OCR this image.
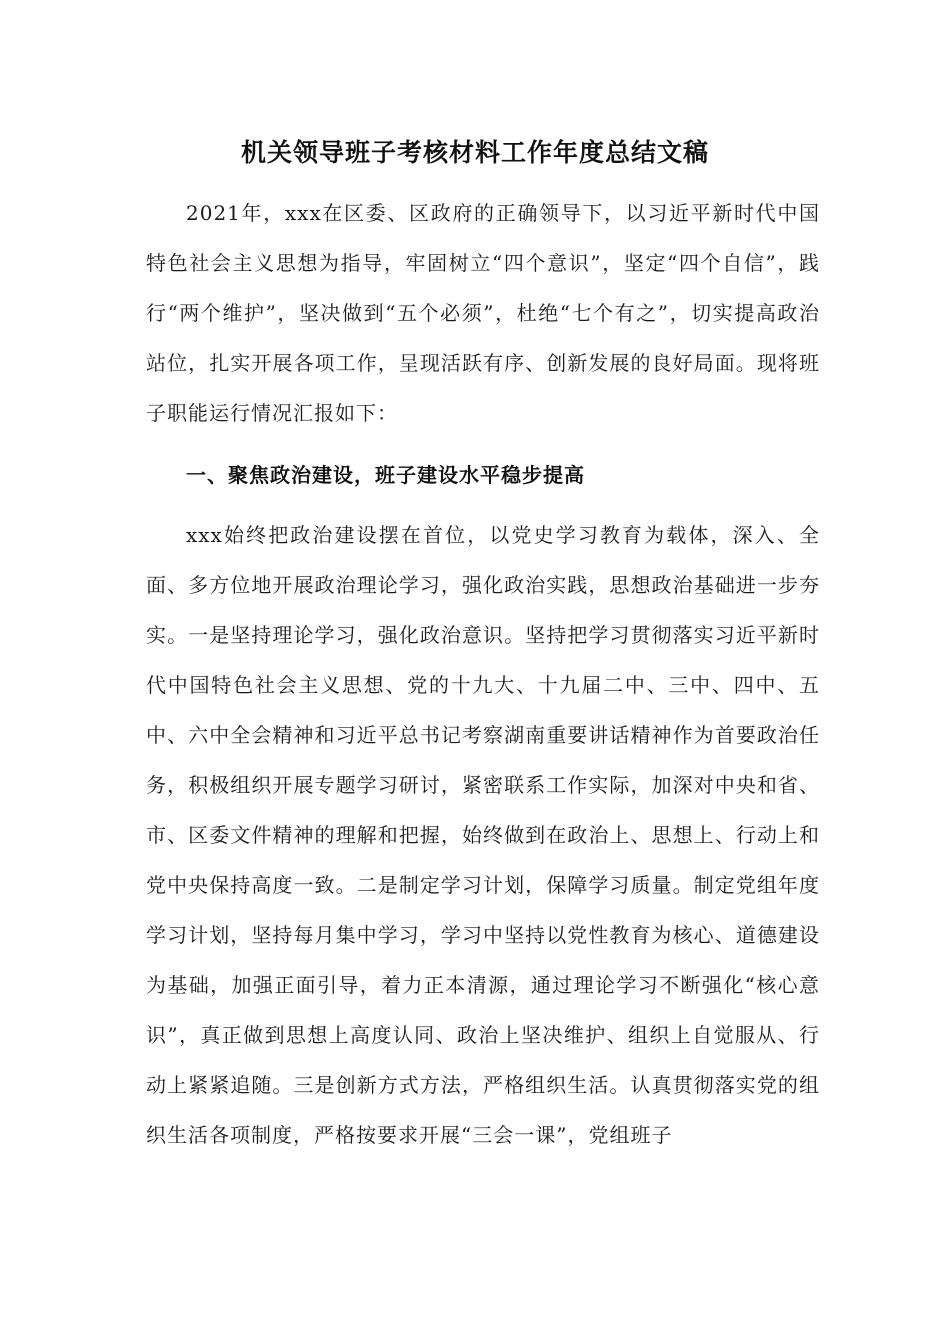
机关领导班子考核材料工作年度总结文稿
2021年，xxx在区委、区政府的正确领导下，以习近平新时代中国特色社会主义思想为指导，牢固树立“四个意识”，坚定“四个自信”，践行“两个维护”，坚决做到“五个必须”，杜绝“七个有之”，切实提高政治站位，扎实开展各项工作，呈现活跃有序、创新发展的良好局面。现将班子职能运行情况汇报如下：
一、聚焦政治建设，班子建设水平稳步提高
xxx始终把政治建设摆在首位，以党史学习教育为载体，深入、全面、多方位地开展政治理论学习，强化政治实践，思想政治基础进一步夯实。一是坚持理论学习，强化政治意识。坚持把学习贯彻落实习近平新时代中国特色社会主义思想、党的十九大、十九届二中、三中、四中、五中、六中全会精神和习近平总书记考察湖南重要讲话精神作为首要政治任务，积极组织开展专题学习研讨，紧密联系工作实际，加深对中央和省、市、区委文件精神的理解和把握，始终做到在政治上、思想上、行动上和党中央保持高度一致。二是制定学习计划，保障学习质量。制定党组年度学习计划，坚持每月集中学习，学习中坚持以党性教育为核心、道德建设为基础，加强正面引导，着力正本清源，通过理论学习不断强化“核心意识”，真正做到思想上高度认同、政治上坚决维护、组织上自觉服从、行动上紧紧追随。三是创新方式方法，严格组织生活。认真贯彻落实党的组织生活各项制度，严格按要求开展“三会一课”，党组班子
